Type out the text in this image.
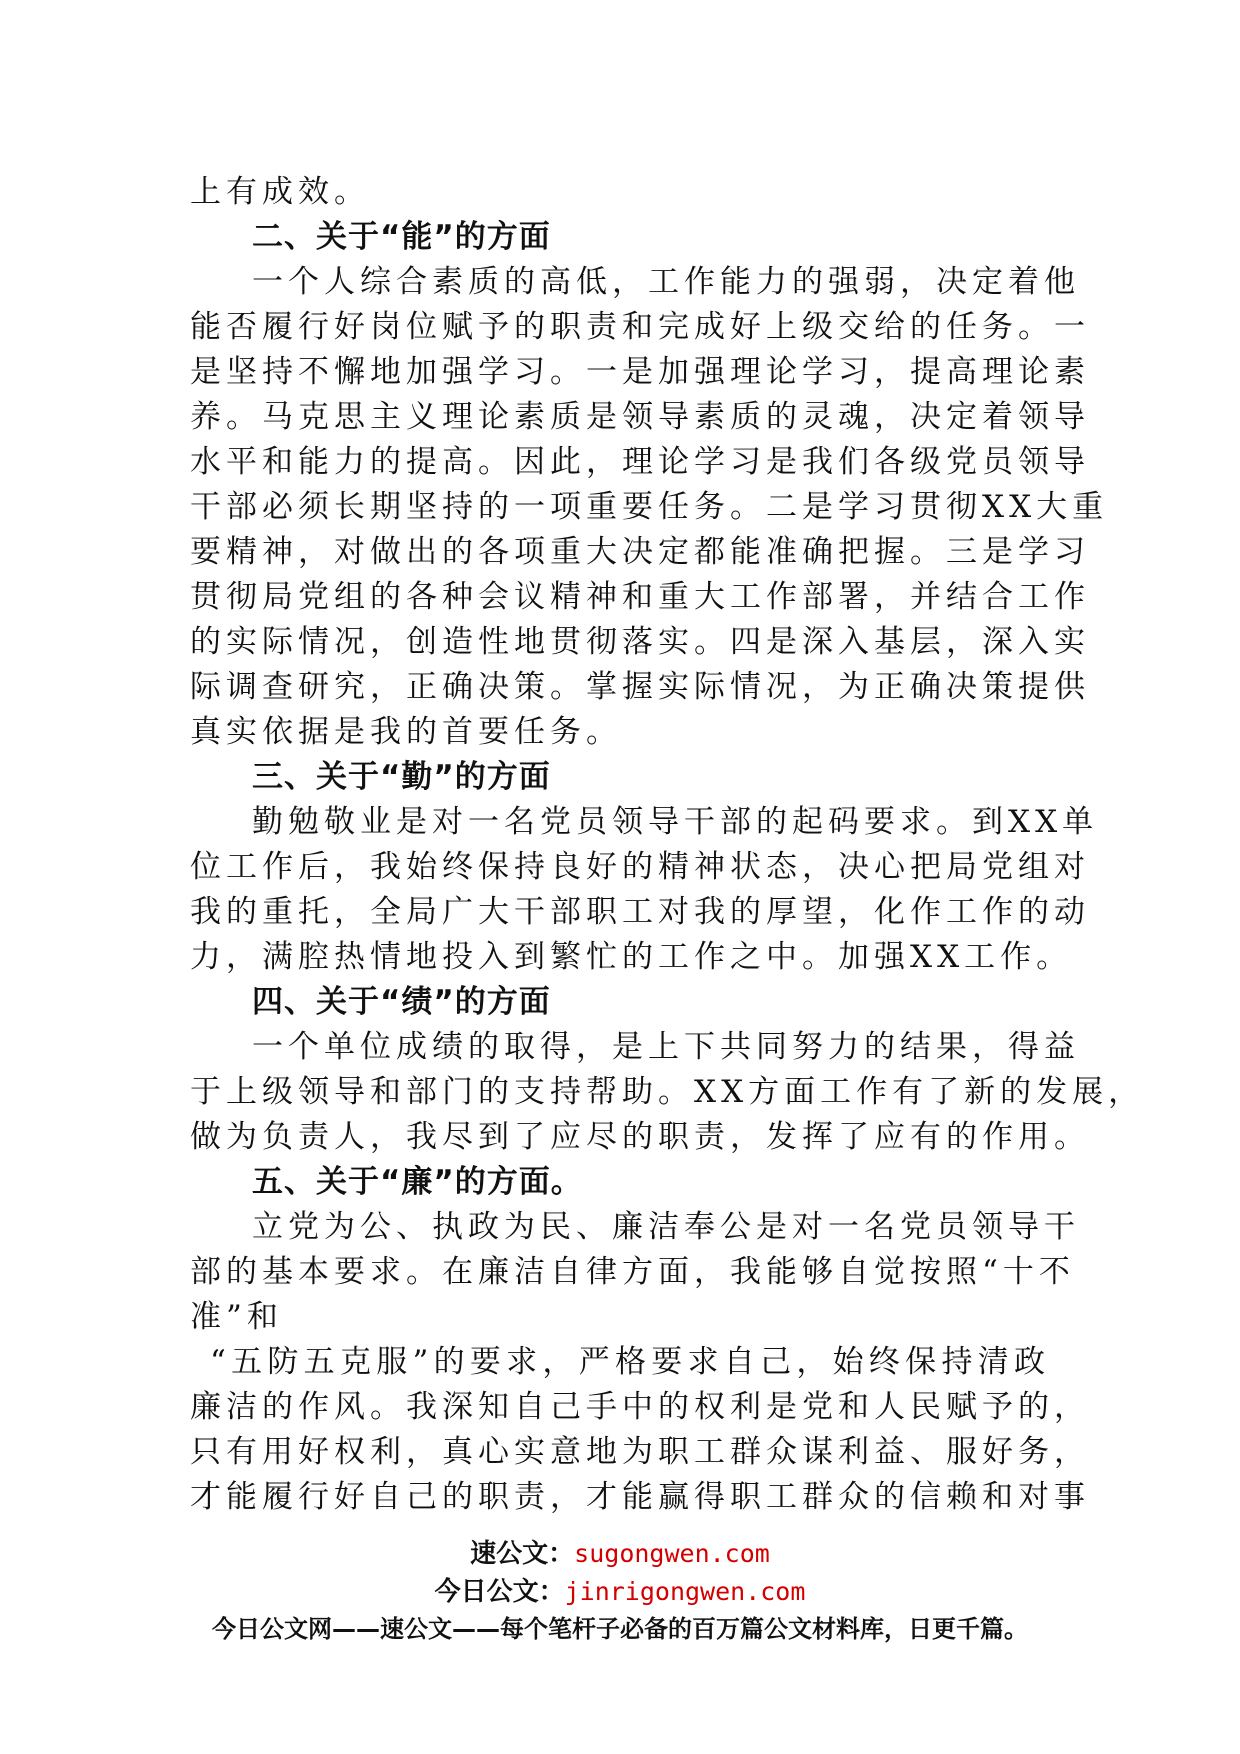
上有成效。
二、关于“能”的方面
一个人综合素质的高低，工作能力的强弱，决定着他
能否履行好岗位赋予的职责和完成好上级交给的任务。一
是坚持不懈地加强学习。一是加强理论学习，提高理论素
养。马克思主义理论素质是领导素质的灵魂，决定着领导
水平和能力的提高。因此，理论学习是我们各级党员领导
干部必须长期坚持的一项重要任务。二是学习贯彻XX大重
要精神，对做出的各项重大决定都能准确把握。三是学习
贯彻局党组的各种会议精神和重大工作部署，并结合工作
的实际情况，创造性地贯彻落实。四是深入基层，深入实
际调查研究，正确决策。掌握实际情况，为正确决策提供
真实依据是我的首要任务。
三、关于“勤”的方面
勤勉敬业是对一名党员领导干部的起码要求。到XX单
位工作后，我始终保持良好的精神状态，决心把局党组对
我的重托，全局广大干部职工对我的厚望，化作工作的动
力，满腔热情地投入到繁忙的工作之中。加强XX工作。
四、关于“绩”的方面
一个单位成绩的取得，是上下共同努力的结果，得益
于上级领导和部门的支持帮助。XX方面工作有了新的发展，
做为负责人，我尽到了应尽的职责，发挥了应有的作用。
五、关于“廉”的方面。
立党为公、执政为民、廉洁奉公是对一名党员领导干
部的基本要求。在廉洁自律方面，我能够自觉按照“十不
准”和
“五防五克服”的要求，严格要求自己，始终保持清政
廉洁的作风。我深知自己手中的权利是党和人民赋予的，
只有用好权利，真心实意地为职工群众谋利益、服好务，
才能履行好自己的职责，才能赢得职工群众的信赖和对事
速公文：sugongwen.com
今日公文：jinrigongwen.com
今日公文网——速公文——每个笔杆子必备的百万篇公文材料库，日更千篇。
